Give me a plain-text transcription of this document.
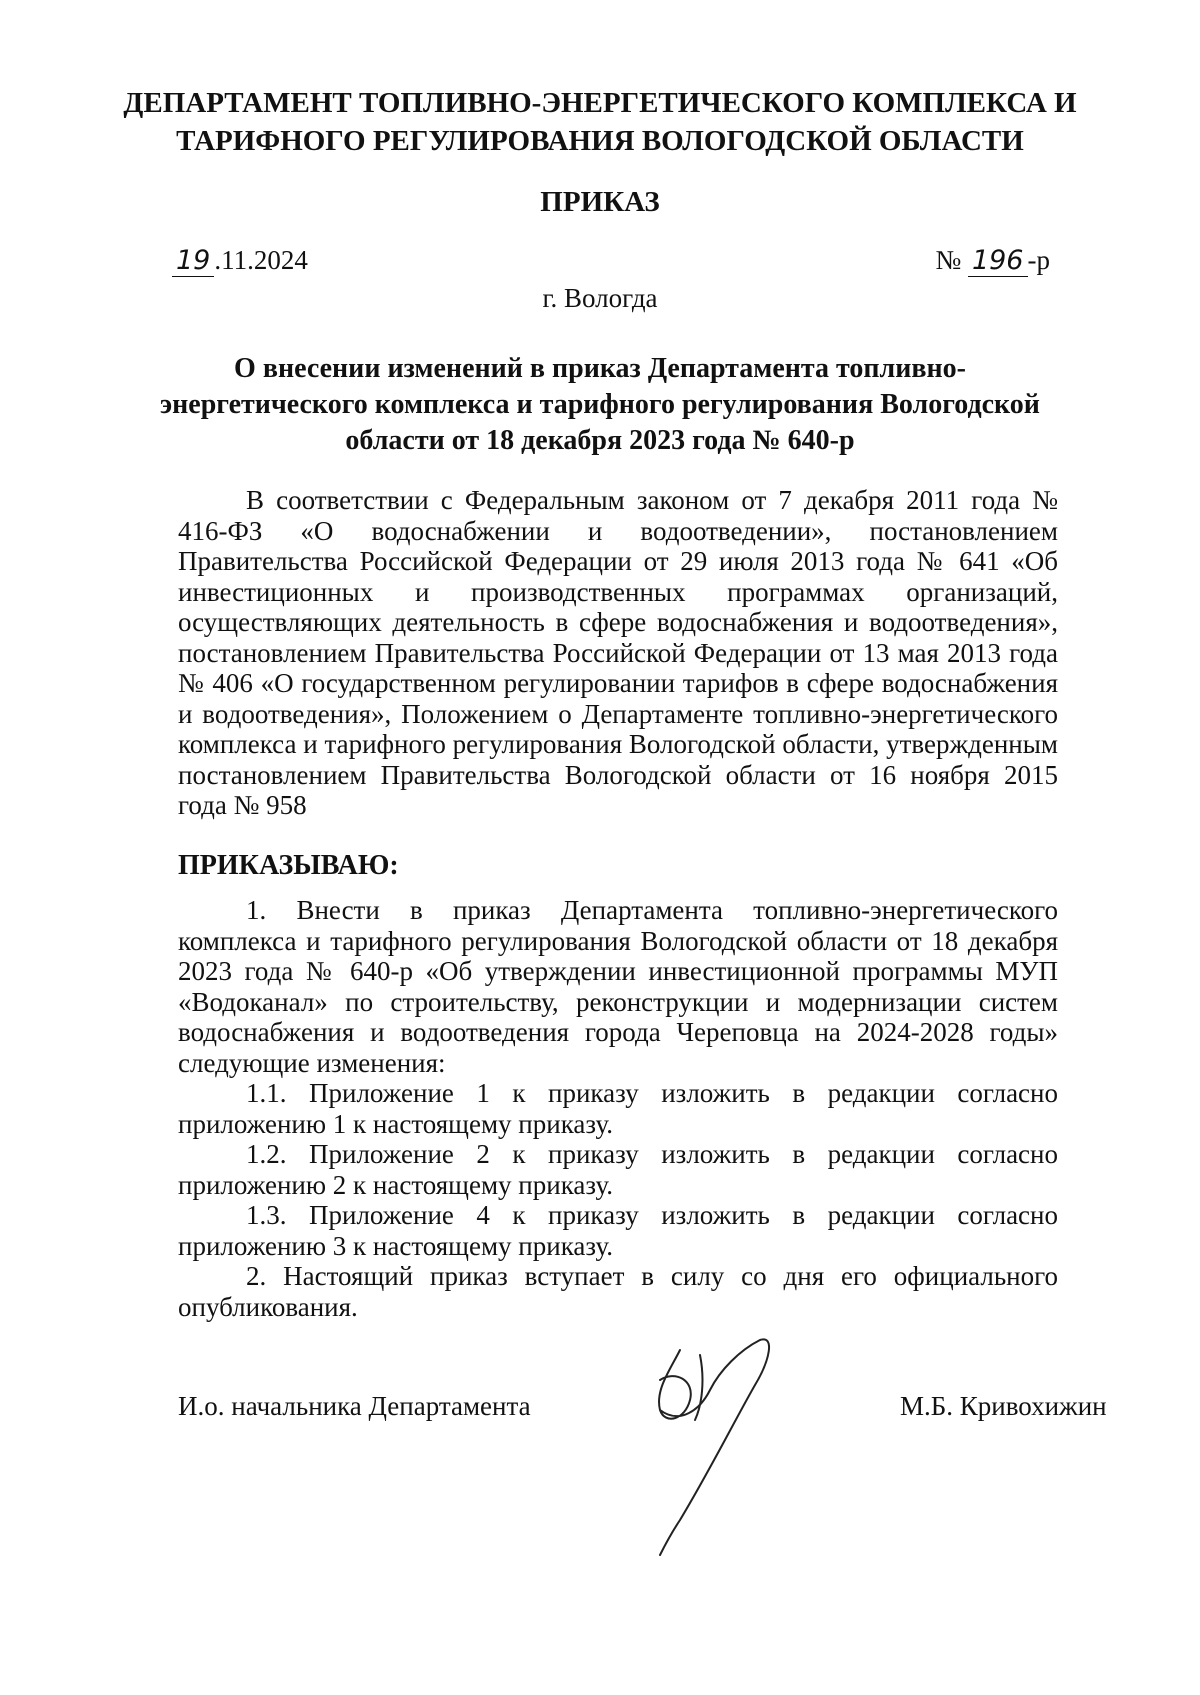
ДЕПАРТАМЕНТ ТОПЛИВНО-ЭНЕРГЕТИЧЕСКОГО КОМПЛЕКСА И
ТАРИФНОГО РЕГУЛИРОВАНИЯ ВОЛОГОДСКОЙ ОБЛАСТИ
ПРИКАЗ
19 .11.2024	№ 196 -р
г. Вологда
О внесении изменений в приказ Департамента топливно-
энергетического комплекса и тарифного регулирования Вологодской
области от 18 декабря 2023 года № 640-р
В соответствии с Федеральным законом от 7 декабря 2011 года № 416-ФЗ «О водоснабжении и водоотведении», постановлением Правительства Российской Федерации от 29 июля 2013 года № 641 «Об инвестиционных и производственных программах организаций, осуществляющих деятельность в сфере водоснабжения и водоотведения», постановлением Правительства Российской Федерации от 13 мая 2013 года № 406 «О государственном регулировании тарифов в сфере водоснабжения и водоотведения», Положением о Департаменте топливно-энергетического комплекса и тарифного регулирования Вологодской области, утвержденным постановлением Правительства Вологодской области от 16 ноября 2015 года № 958
ПРИКАЗЫВАЮ:
1. Внести в приказ Департамента топливно-энергетического комплекса и тарифного регулирования Вологодской области от 18 декабря 2023 года № 640-р «Об утверждении инвестиционной программы МУП «Водоканал» по строительству, реконструкции и модернизации систем водоснабжения и водоотведения города Череповца на 2024-2028 годы» следующие изменения:
1.1. Приложение 1 к приказу изложить в редакции согласно приложению 1 к настоящему приказу.
1.2. Приложение 2 к приказу изложить в редакции согласно приложению 2 к настоящему приказу.
1.3. Приложение 4 к приказу изложить в редакции согласно приложению 3 к настоящему приказу.
2. Настоящий приказ вступает в силу со дня его официального опубликования.
И.о. начальника Департамента	М.Б. Кривохижин
